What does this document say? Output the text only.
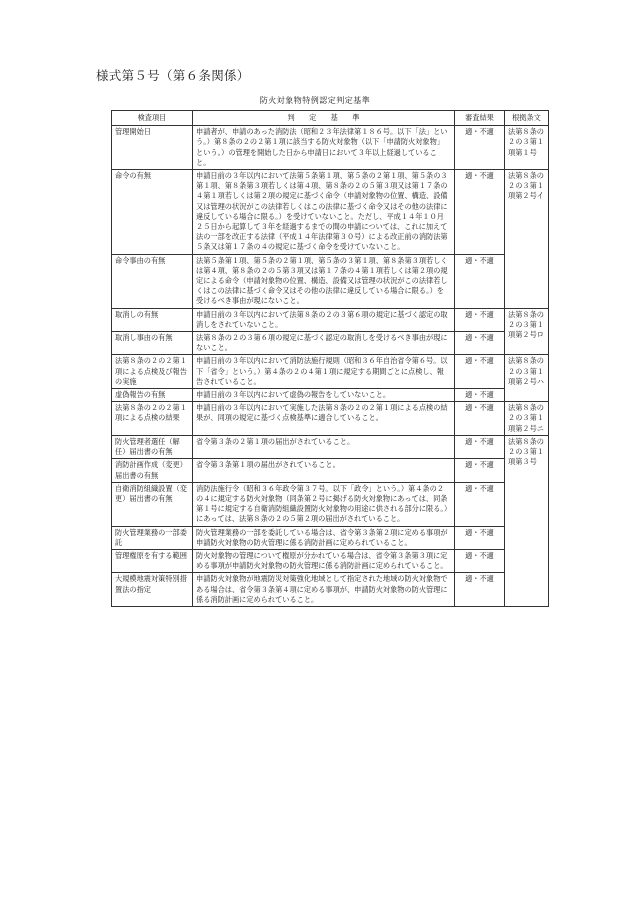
様式第５号（第６条関係）
防火対象物特例認定判定基準
検査項目	判　　定　　基　　準	審査結果	根拠条文
管理開始日	申請者が、申請のあった消防法（昭和２３年法律第１８６号。以下「法」という。）第８条の２の２第１項に該当する防火対象物（以下「申請防火対象物」という。）の管理を開始した日から申請日において３年以上経過していること。	適・不適	法第８条の２の３第１項第１号
命令の有無	申請日前の３年以内において法第５条第１項、第５条の２第１項、第５条の３第１項、第８条第３項若しくは第４項、第８条の２の５第３項又は第１７条の４第１項若しくは第２項の規定に基づく命令（申請対象物の位置、構造、設備又は管理の状況がこの法律若しくはこの法律に基づく命令又はその他の法律に違反している場合に限る。）を受けていないこと。ただし、平成１４年１０月２５日から起算して３年を経過するまでの間の申請については、これに加えて法の一部を改正する法律（平成１４年法律第３０号）による改正前の消防法第５条又は第１７条の４の規定に基づく命令を受けていないこと。	適・不適	法第８条の２の３第１項第２号イ
命令事由の有無	法第５条第１項、第５条の２第１項、第５条の３第１項、第８条第３項若しくは第４項、第８条の２の５第３項又は第１７条の４第１項若しくは第２項の規定による命令（申請対象物の位置、構造、設備又は管理の状況がこの法律若しくはこの法律に基づく命令又はその他の法律に違反している場合に限る。）を受けるべき事由が現にないこと。	適・不適	
取消しの有無	申請日前の３年以内において法第８条の２の３第６項の規定に基づく認定の取消しをされていないこと。	適・不適	法第８条の２の３第１項第２号ロ
取消し事由の有無	法第８条の２の３第６項の規定に基づく認定の取消しを受けるべき事由が現にないこと。	適・不適	
法第８条の２の２第１項による点検及び報告の実施	申請日前の３年以内において消防法施行規則（昭和３６年自治省令第６号。以下「省令」という。）第４条の２の４第１項に規定する期間ごとに点検し、報告されていること。	適・不適	法第８条の２の３第１項第２号ハ
虚偽報告の有無	申請日前の３年以内において虚偽の報告をしていないこと。	適・不適	
法第８条の２の２第１項による点検の結果	申請日前の３年以内において実施した法第８条の２の２第１項による点検の結果が、同項の規定に基づく点検基準に適合していること。	適・不適	法第８条の２の３第１項第２号ニ
防火管理者選任（解任）届出書の有無	省令第３条の２第１項の届出がされていること。	適・不適	法第８条の２の３第１項第３号
消防計画作成（変更）届出書の有無	省令第３条第１項の届出がされていること。	適・不適	
自衛消防組織設置（変更）届出書の有無	消防法施行令（昭和３６年政令第３７号。以下「政令」という。）第４条の２の４に規定する防火対象物（同条第２号に掲げる防火対象物にあっては、同条第１号に規定する自衛消防組織設置防火対象物の用途に供される部分に限る。）にあっては、法第８条の２の５第２項の届出がされていること。	適・不適	
防火管理業務の一部委託	防火管理業務の一部を委託している場合は、省令第３条第２項に定める事項が申請防火対象物の防火管理に係る消防計画に定められていること。	適・不適	
管理権原を有する範囲	防火対象物の管理について権原が分かれている場合は、省令第３条第３項に定める事項が申請防火対象物の防火管理に係る消防計画に定められていること。	適・不適	
大規模地震対策特別措置法の指定	申請防火対象物が地震防災対策強化地域として指定された地域の防火対象物である場合は、省令第３条第４項に定める事項が、申請防火対象物の防火管理に係る消防計画に定められていること。	適・不適	
